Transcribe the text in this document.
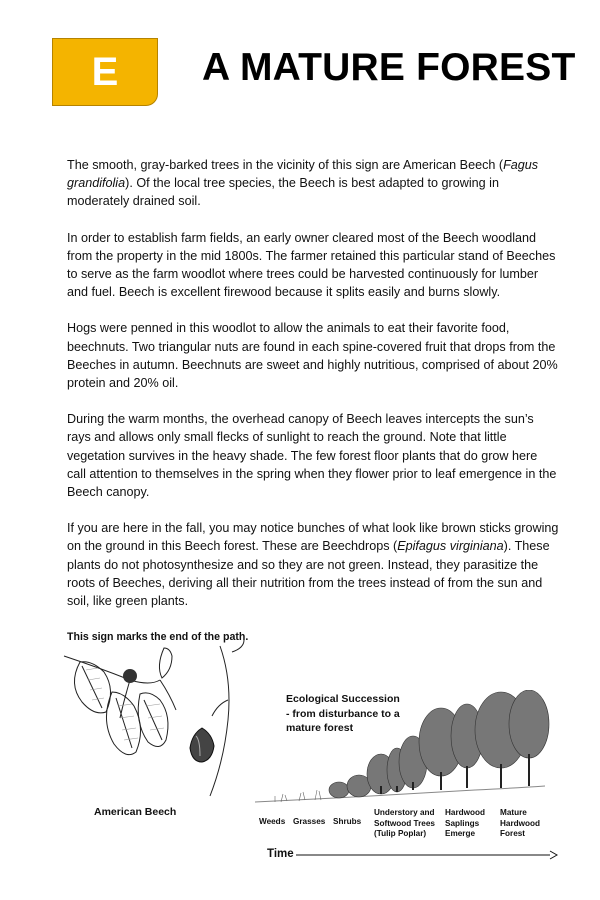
E A MATURE FOREST

The smooth, gray-barked trees in the vicinity of this sign are American Beech (Fagus grandifolia). Of the local tree species, the Beech is best adapted to growing in moderately drained soil.

In order to establish farm fields, an early owner cleared most of the Beech woodland from the property in the mid 1800s. The farmer retained this particular stand of Beeches to serve as the farm woodlot where trees could be harvested continuously for lumber and fuel. Beech is excellent firewood because it splits easily and burns slowly.

Hogs were penned in this woodlot to allow the animals to eat their favorite food, beechnuts. Two triangular nuts are found in each spine-covered fruit that drops from the Beeches in autumn. Beechnuts are sweet and highly nutritious, comprised of about 20% protein and 20% oil.

During the warm months, the overhead canopy of Beech leaves intercepts the sun’s rays and allows only small flecks of sunlight to reach the ground. Note that little vegetation survives in the heavy shade. The few forest floor plants that do grow here call attention to themselves in the spring when they flower prior to leaf emergence in the Beech canopy.

If you are here in the fall, you may notice bunches of what look like brown sticks growing on the ground in this Beech forest. These are Beechdrops (Epifagus virginiana). These plants do not photosynthesize and so they are not green. Instead, they parasitize the roots of Beeches, deriving all their nutrition from the trees instead of from the sun and soil, like green plants.

This sign marks the end of the path.

American Beech
Ecological Succession
- from disturbance to a
mature forest
Weeds Grasses Shrubs
Understory and
Softwood Trees
(Tulip Poplar)
Hardwood
Saplings
Emerge
Mature
Hardwood
Forest
Time
